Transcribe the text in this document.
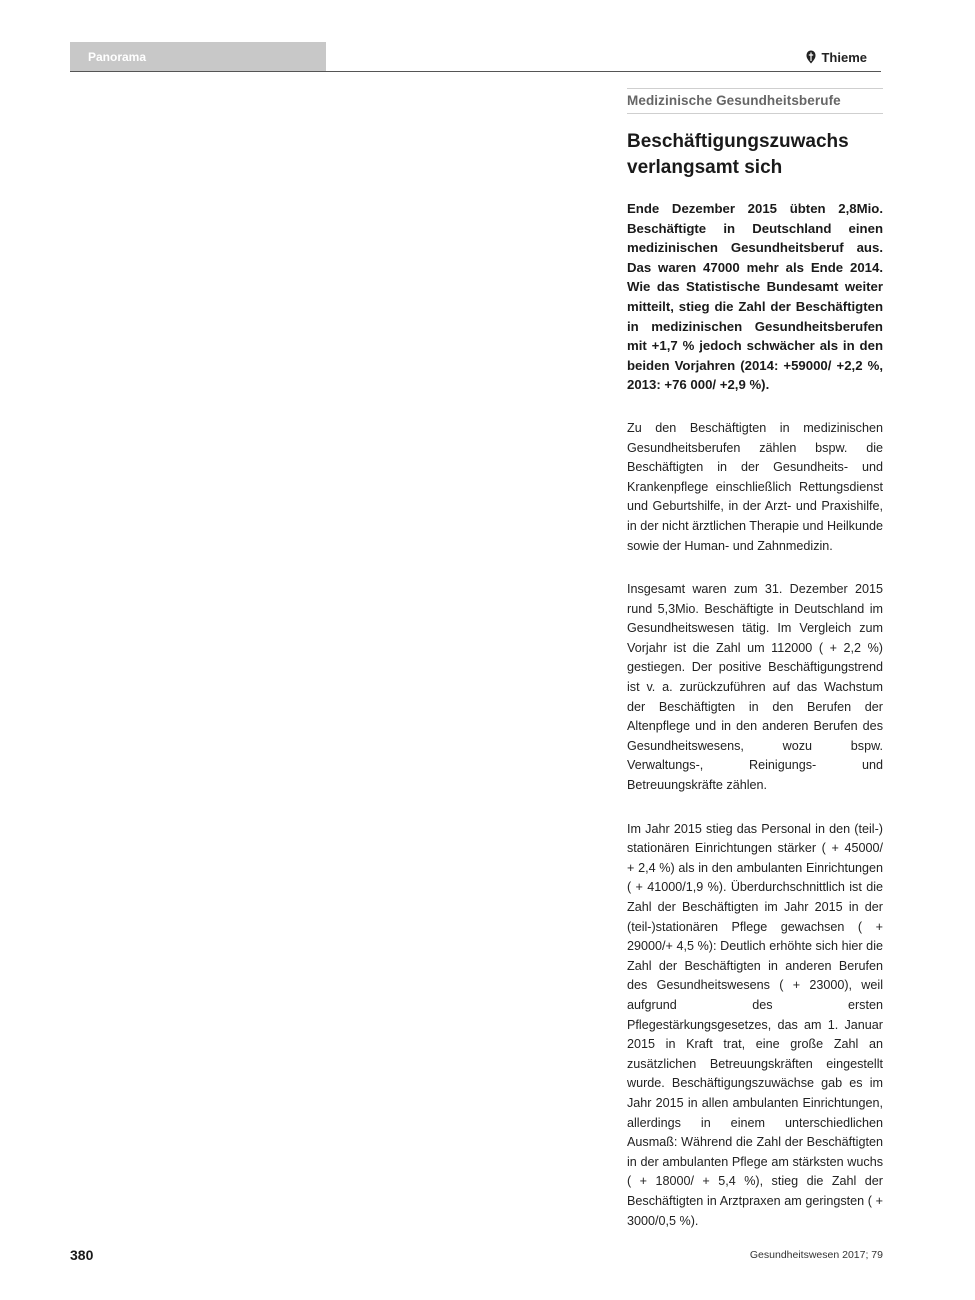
Panorama	Thieme
Medizinische Gesundheitsberufe
Beschäftigungszuwachs verlangsamt sich

Ende Dezember 2015 übten 2,8Mio. Beschäftigte in Deutschland einen medizinischen Gesundheitsberuf aus. Das waren 47000 mehr als Ende 2014. Wie das Statistische Bundesamt weiter mitteilt, stieg die Zahl der Beschäftigten in medizinischen Gesundheitsberufen mit +1,7 % jedoch schwächer als in den beiden Vorjahren (2014: +59000/ +2,2 %, 2013: +76 000/ +2,9 %).

Zu den Beschäftigten in medizinischen Gesundheitsberufen zählen bspw. die Beschäftigten in der Gesundheits- und Krankenpflege einschließlich Rettungsdienst und Geburtshilfe, in der Arzt- und Praxishilfe, in der nicht ärztlichen Therapie und Heilkunde sowie der Human- und Zahnmedizin.

Insgesamt waren zum 31. Dezember 2015 rund 5,3Mio. Beschäftigte in Deutschland im Gesundheitswesen tätig. Im Vergleich zum Vorjahr ist die Zahl um 112000 ( + 2,2 %) gestiegen. Der positive Beschäftigungstrend ist v. a. zurückzuführen auf das Wachstum der Beschäftigten in den Berufen der Altenpflege und in den anderen Berufen des Gesundheitswesens, wozu bspw. Verwaltungs-, Reinigungs- und Betreuungskräfte zählen.

Im Jahr 2015 stieg das Personal in den (teil-) stationären Einrichtungen stärker ( + 45000/ + 2,4 %) als in den ambulanten Einrichtungen ( + 41000/1,9 %). Überdurchschnittlich ist die Zahl der Beschäftigten im Jahr 2015 in der (teil-)stationären Pflege gewachsen ( + 29000/+ 4,5 %): Deutlich erhöhte sich hier die Zahl der Beschäftigten in anderen Berufen des Gesundheitswesens ( + 23000), weil aufgrund des ersten Pflegestärkungsgesetzes, das am 1. Januar 2015 in Kraft trat, eine große Zahl an zusätzlichen Betreuungskräften eingestellt wurde. Beschäftigungszuwächse gab es im Jahr 2015 in allen ambulanten Einrichtungen, allerdings in einem unterschiedlichen Ausmaß: Während die Zahl der Beschäftigten in der ambulanten Pflege am stärksten wuchs ( + 18000/ + 5,4 %), stieg die Zahl der Beschäftigten in Arztpraxen am geringsten ( + 3000/0,5 %).

380	Gesundheitswesen 2017; 79
